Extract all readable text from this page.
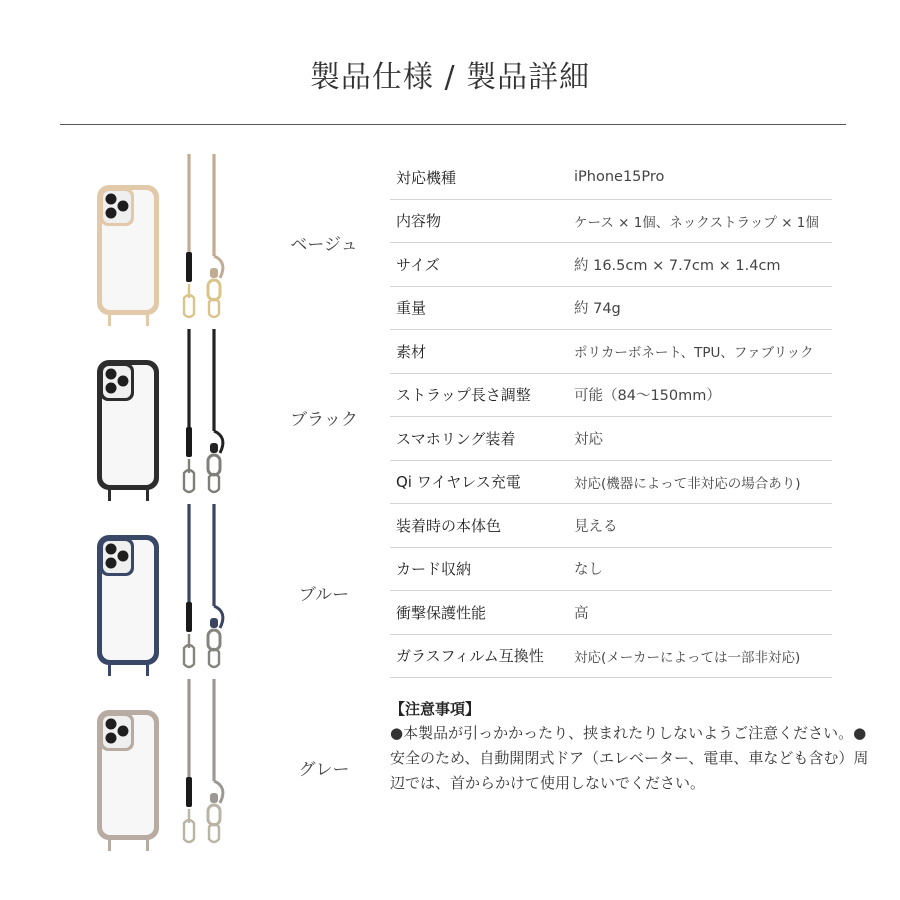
製品仕様 / 製品詳細
ベージュ
ブラック
ブルー
グレー
対応機種	iPhone15Pro
内容物	ケース × 1個、ネックストラップ × 1個
サイズ	約 16.5cm × 7.7cm × 1.4cm
重量	約 74g
素材	ポリカーボネート、TPU、ファブリック
ストラップ長さ調整	可能（84〜150mm）
スマホリング装着	対応
Qi ワイヤレス充電	対応(機器によって非対応の場合あり)
装着時の本体色	見える
カード収納	なし
衝撃保護性能	高
ガラスフィルム互換性	対応(メーカーによっては一部非対応)
【注意事項】
●本製品が引っかかったり、挟まれたりしないようご注意ください。●安全のため、自動開閉式ドア（エレベーター、電車、車なども含む）周辺では、首からかけて使用しないでください。
